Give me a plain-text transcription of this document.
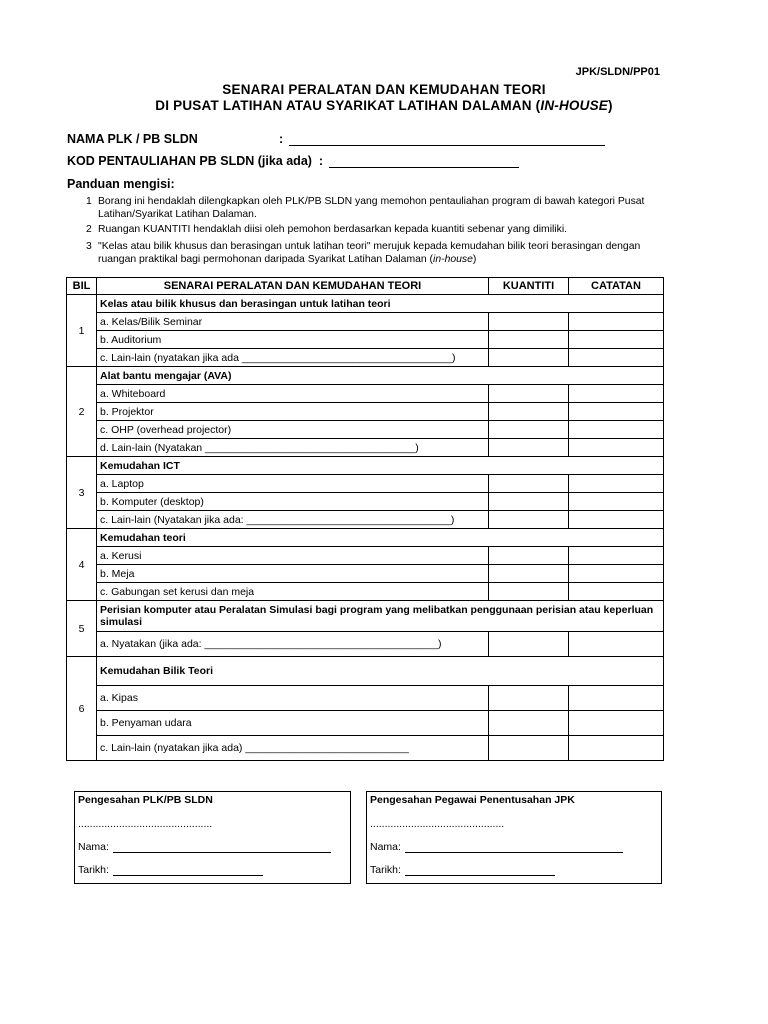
JPK/SLDN/PP01
SENARAI PERALATAN DAN KEMUDAHAN TEORI
DI PUSAT LATIHAN ATAU SYARIKAT LATIHAN DALAMAN (IN-HOUSE)
NAMA PLK / PB SLDN	:
KOD PENTAULIAHAN PB SLDN (jika ada) :
Panduan mengisi:
1 Borang ini hendaklah dilengkapkan oleh PLK/PB SLDN yang memohon pentauliahan program di bawah kategori Pusat Latihan/Syarikat Latihan Dalaman.
2 Ruangan KUANTITI hendaklah diisi oleh pemohon berdasarkan kepada kuantiti sebenar yang dimiliki.
3 "Kelas atau bilik khusus dan berasingan untuk latihan teori" merujuk kepada kemudahan bilik teori berasingan dengan ruangan praktikal bagi permohonan daripada Syarikat Latihan Dalaman (in-house)
BIL	SENARAI PERALATAN DAN KEMUDAHAN TEORI	KUANTITI	CATATAN
1	Kelas atau bilik khusus dan berasingan untuk latihan teori		
	a. Kelas/Bilik Seminar		
	b. Auditorium		
	c. Lain-lain (nyatakan jika ada ____________________________________)		
2	Alat bantu mengajar (AVA)		
	a. Whiteboard		
	b. Projektor		
	c. OHP (overhead projector)		
	d. Lain-lain (Nyatakan ____________________________________)		
3	Kemudahan ICT		
	a. Laptop		
	b. Komputer (desktop)		
	c. Lain-lain (Nyatakan jika ada: ___________________________________)		
4	Kemudahan teori		
	a. Kerusi		
	b. Meja		
	c. Gabungan set kerusi dan meja		
5	Perisian komputer atau Peralatan Simulasi bagi program yang melibatkan penggunaan perisian atau keperluan simulasi		
	a. Nyatakan (jika ada: ________________________________________)		
6	Kemudahan Bilik Teori		
	a. Kipas		
	b. Penyaman udara		
	c. Lain-lain (nyatakan jika ada) ____________________________		
Pengesahan PLK/PB SLDN
..............................................
Nama:
Tarikh:
Pengesahan Pegawai Penentusahan JPK
..............................................
Nama:
Tarikh:
